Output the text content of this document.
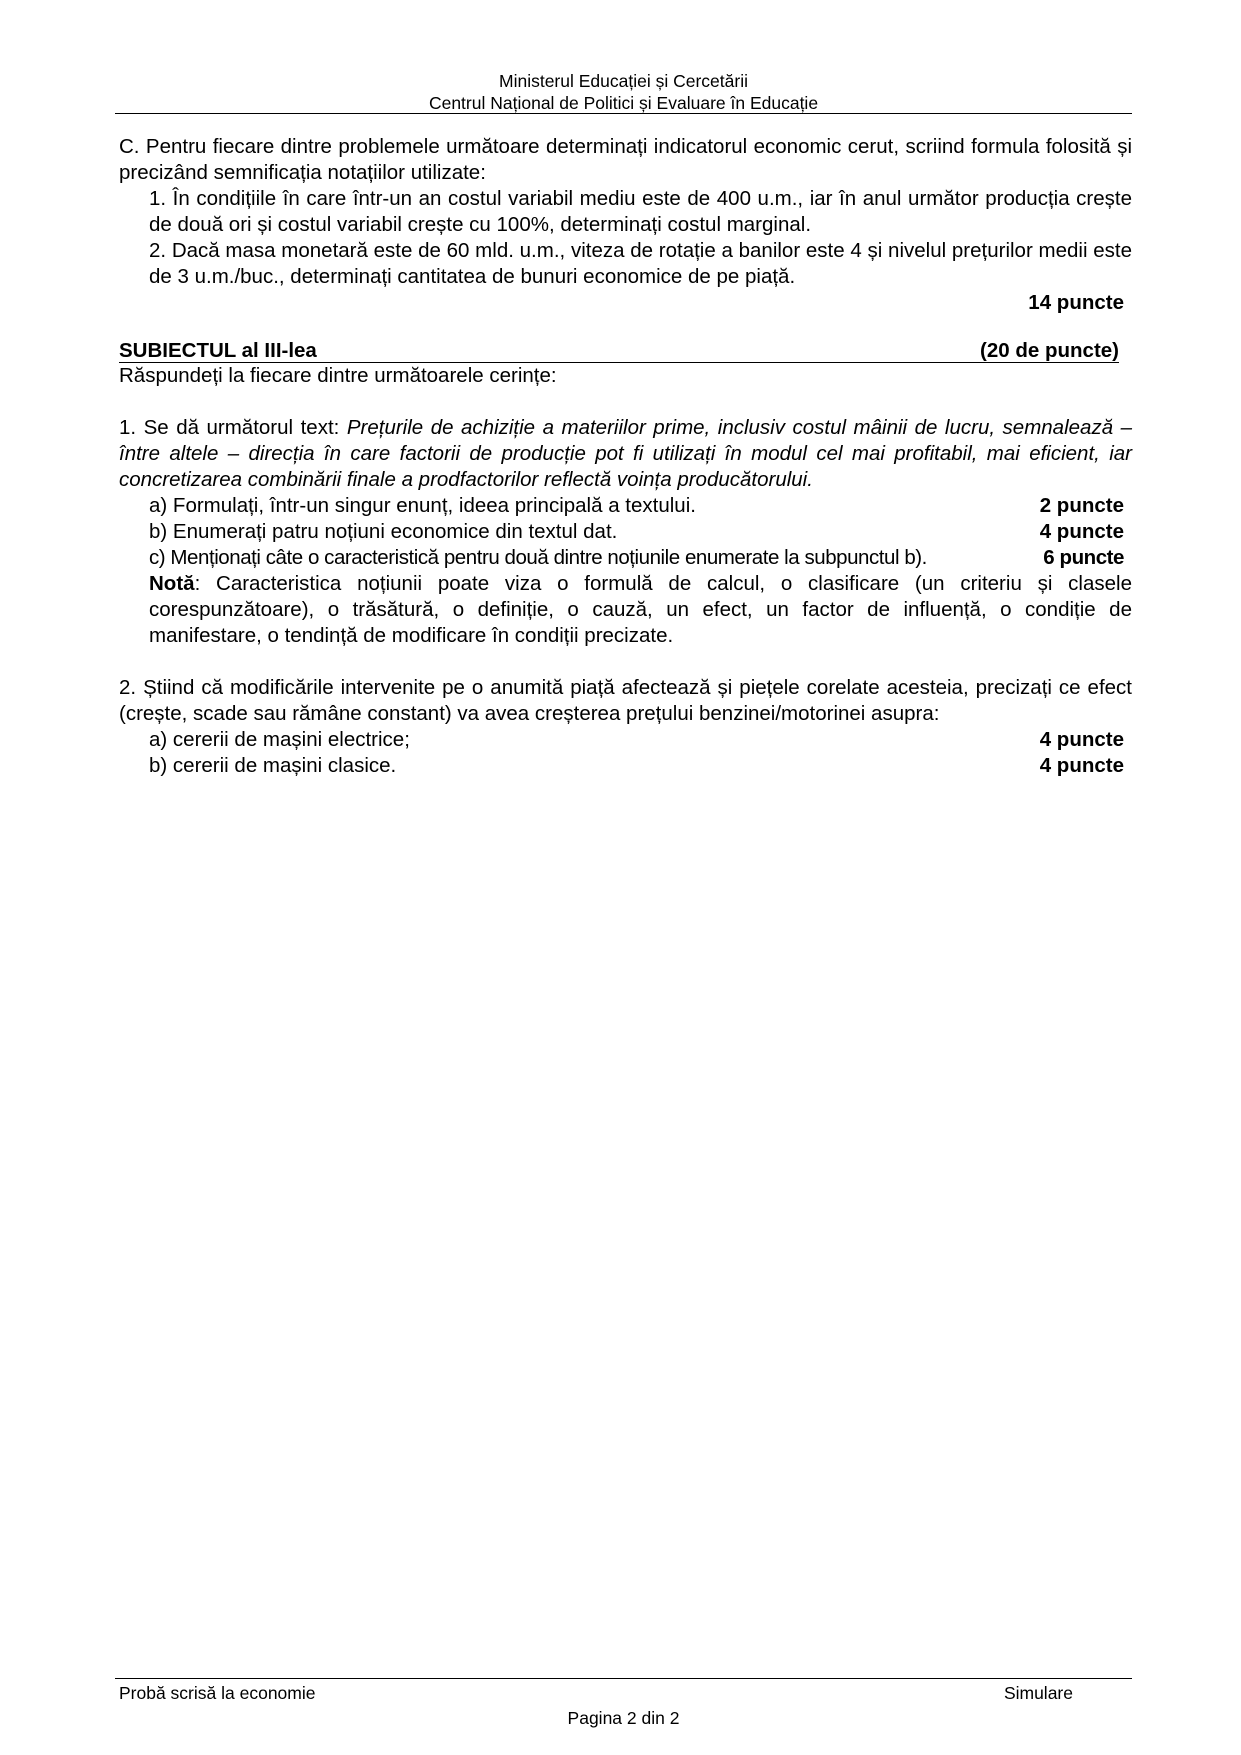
Ministerul Educației și Cercetării
Centrul Național de Politici și Evaluare în Educație

C. Pentru fiecare dintre problemele următoare determinați indicatorul economic cerut, scriind formula folosită și precizând semnificația notațiilor utilizate:

1. În condițiile în care într-un an costul variabil mediu este de 400 u.m., iar în anul următor producția crește de două ori și costul variabil crește cu 100%, determinați costul marginal.
2. Dacă masa monetară este de 60 mld. u.m., viteza de rotație a banilor este 4 și nivelul prețurilor medii este de 3 u.m./buc., determinați cantitatea de bunuri economice de pe piață.
14 puncte
SUBIECTUL al III-lea	(20 de puncte)
Răspundeți la fiecare dintre următoarele cerințe:

1. Se dă următorul text: Prețurile de achiziție a materiilor prime, inclusiv costul mâinii de lucru, semnalează – între altele – direcția în care factorii de producție pot fi utilizați în modul cel mai profitabil, mai eficient, iar concretizarea combinării finale a prodfactorilor reflectă voința producătorului.

a) Formulați, într-un singur enunț, ideea principală a textului.	2 puncte
b) Enumerați patru noțiuni economice din textul dat.	4 puncte
c) Menționați câte o caracteristică pentru două dintre noțiunile enumerate la subpunctul b).	6 puncte
Notă: Caracteristica noțiunii poate viza o formulă de calcul, o clasificare (un criteriu și clasele corespunzătoare), o trăsătură, o definiție, o cauză, un efect, un factor de influență, o condiție de manifestare, o tendință de modificare în condiții precizate.

2. Știind că modificările intervenite pe o anumită piață afectează și piețele corelate acesteia, precizați ce efect (crește, scade sau rămâne constant) va avea creșterea prețului benzinei/motorinei asupra:

a) cererii de mașini electrice;	4 puncte
b) cererii de mașini clasice.	4 puncte
Probă scrisă la economie	Simulare
Pagina 2 din 2
